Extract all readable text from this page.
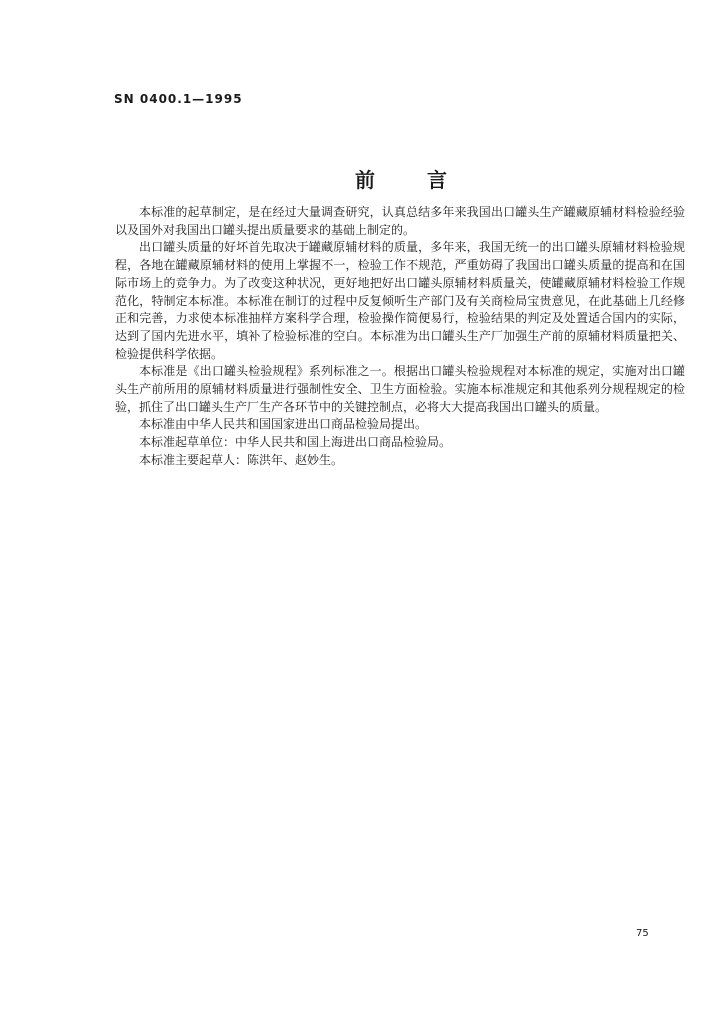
SN 0400.1—1995
前	言

本标准的起草制定，是在经过大量调查研究，认真总结多年来我国出口罐头生产罐藏原辅材料检验经验以及国外对我国出口罐头提出质量要求的基础上制定的。

出口罐头质量的好坏首先取决于罐藏原辅材料的质量，多年来，我国无统一的出口罐头原辅材料检验规程，各地在罐藏原辅材料的使用上掌握不一，检验工作不规范，严重妨碍了我国出口罐头质量的提高和在国际市场上的竞争力。为了改变这种状况，更好地把好出口罐头原辅材料质量关，使罐藏原辅材料检验工作规范化，特制定本标准。本标准在制订的过程中反复倾听生产部门及有关商检局宝贵意见，在此基础上几经修正和完善，力求使本标准抽样方案科学合理，检验操作简便易行，检验结果的判定及处置适合国内的实际，达到了国内先进水平，填补了检验标准的空白。本标准为出口罐头生产厂加强生产前的原辅材料质量把关、检验提供科学依据。

本标准是《出口罐头检验规程》系列标准之一。根据出口罐头检验规程对本标准的规定，实施对出口罐头生产前所用的原辅材料质量进行强制性安全、卫生方面检验。实施本标准规定和其他系列分规程规定的检验，抓住了出口罐头生产厂生产各环节中的关键控制点，必将大大提高我国出口罐头的质量。

本标准由中华人民共和国国家进出口商品检验局提出。

本标准起草单位：中华人民共和国上海进出口商品检验局。

本标准主要起草人：陈洪年、赵妙生。

75
